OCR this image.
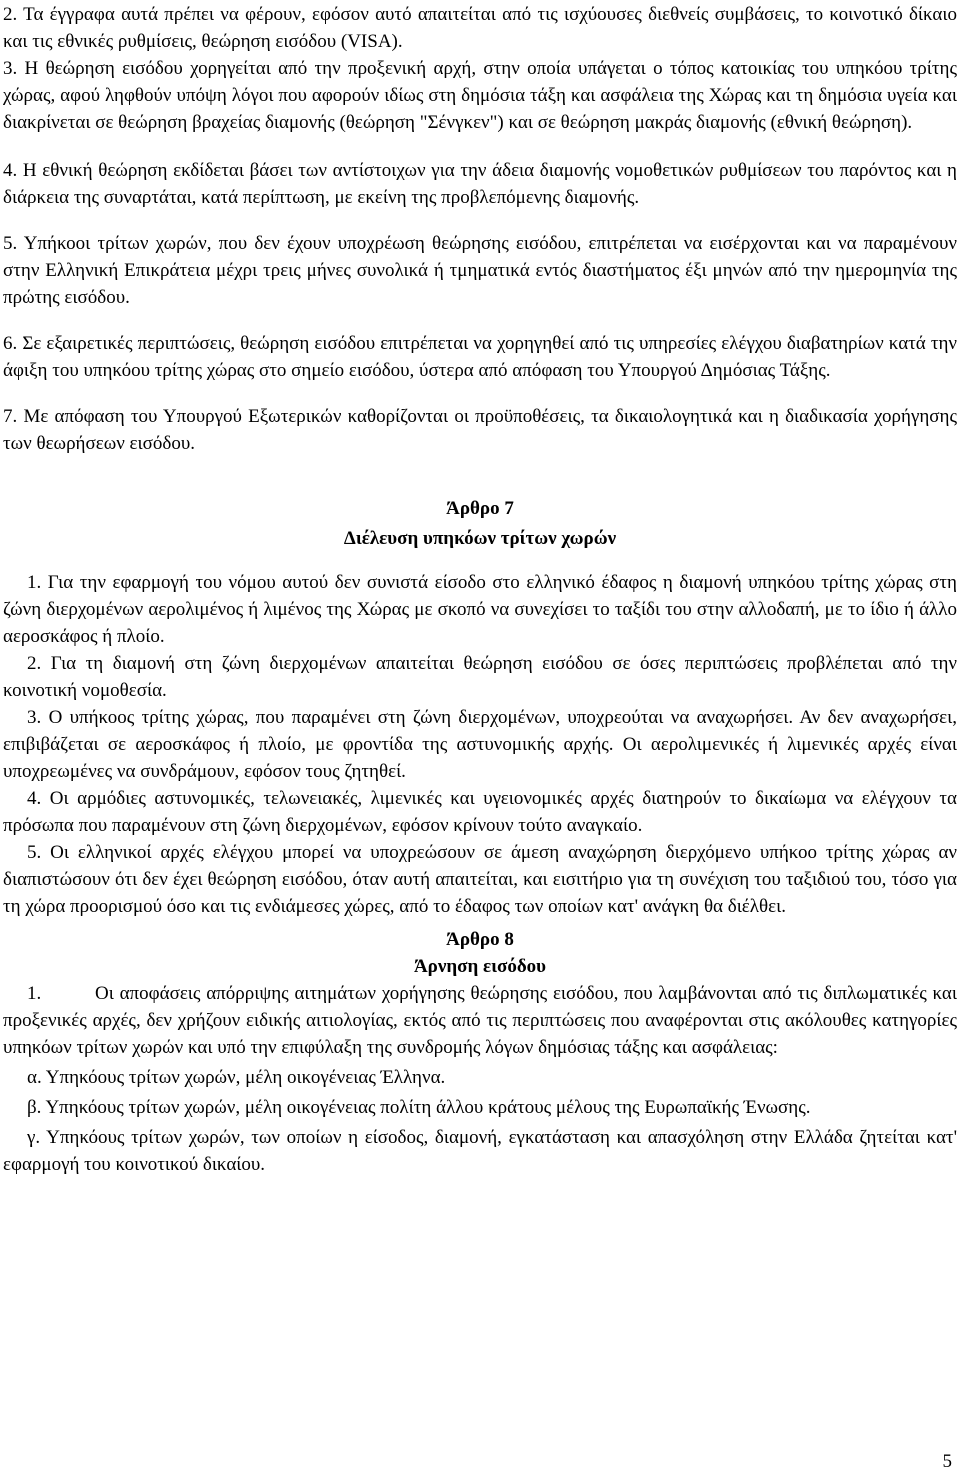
2. Τα έγγραφα αυτά πρέπει να φέρουν, εφόσον αυτό απαιτείται από τις ισχύουσες διεθνείς συμβάσεις, το κοινοτικό δίκαιο και τις εθνικές ρυθμίσεις, θεώρηση εισόδου (VISA).

3. Η θεώρηση εισόδου χορηγείται από την προξενική αρχή, στην οποία υπάγεται ο τόπος κατοικίας του υπηκόου τρίτης χώρας, αφού ληφθούν υπόψη λόγοι που αφορούν ιδίως στη δημόσια τάξη και ασφάλεια της Χώρας και τη δημόσια υγεία και διακρίνεται σε θεώρηση βραχείας διαμονής (θεώρηση "Σένγκεν") και σε θεώρηση μακράς διαμονής (εθνική θεώρηση).

4. Η εθνική θεώρηση εκδίδεται βάσει των αντίστοιχων για την άδεια διαμονής νομοθετικών ρυθμίσεων του παρόντος και η διάρκεια της συναρτάται, κατά περίπτωση, με εκείνη της προβλεπόμενης διαμονής.

5. Υπήκοοι τρίτων χωρών, που δεν έχουν υποχρέωση θεώρησης εισόδου, επιτρέπεται να εισέρχονται και να παραμένουν στην Ελληνική Επικράτεια μέχρι τρεις μήνες συνολικά ή τμηματικά εντός διαστήματος έξι μηνών από την ημερομηνία της πρώτης εισόδου.

6. Σε εξαιρετικές περιπτώσεις, θεώρηση εισόδου επιτρέπεται να χορηγηθεί από τις υπηρεσίες ελέγχου διαβατηρίων κατά την άφιξη του υπηκόου τρίτης χώρας στο σημείο εισόδου, ύστερα από απόφαση του Υπουργού Δημόσιας Τάξης.

7. Με απόφαση του Υπουργού Εξωτερικών καθορίζονται οι προϋποθέσεις, τα δικαιολογητικά και η διαδικασία χορήγησης των θεωρήσεων εισόδου.

Άρθρο 7

Διέλευση υπηκόων τρίτων χωρών

1. Για την εφαρμογή του νόμου αυτού δεν συνιστά είσοδο στο ελληνικό έδαφος η διαμονή υπηκόου τρίτης χώρας στη ζώνη διερχομένων αερολιμένος ή λιμένος της Χώρας με σκοπό να συνεχίσει το ταξίδι του στην αλλοδαπή, με το ίδιο ή άλλο αεροσκάφος ή πλοίο.

2. Για τη διαμονή στη ζώνη διερχομένων απαιτείται θεώρηση εισόδου σε όσες περιπτώσεις προβλέπεται από την κοινοτική νομοθεσία.

3. Ο υπήκοος τρίτης χώρας, που παραμένει στη ζώνη διερχομένων, υποχρεούται να αναχωρήσει. Αν δεν αναχωρήσει, επιβιβάζεται σε αεροσκάφος ή πλοίο, με φροντίδα της αστυνομικής αρχής. Οι αερολιμενικές ή λιμενικές αρχές είναι υποχρεωμένες να συνδράμουν, εφόσον τους ζητηθεί.

4. Οι αρμόδιες αστυνομικές, τελωνειακές, λιμενικές και υγειονομικές αρχές διατηρούν το δικαίωμα να ελέγχουν τα πρόσωπα που παραμένουν στη ζώνη διερχομένων, εφόσον κρίνουν τούτο αναγκαίο.

5. Οι ελληνικοί αρχές ελέγχου μπορεί να υποχρεώσουν σε άμεση αναχώρηση διερχόμενο υπήκοο τρίτης χώρας αν διαπιστώσουν ότι δεν έχει θεώρηση εισόδου, όταν αυτή απαιτείται, και εισιτήριο για τη συνέχιση του ταξιδιού του, τόσο για τη χώρα προορισμού όσο και τις ενδιάμεσες χώρες, από το έδαφος των οποίων κατ' ανάγκη θα διέλθει.

Άρθρο 8

Άρνηση εισόδου

1.	Οι αποφάσεις απόρριψης αιτημάτων χορήγησης θεώρησης εισόδου, που λαμβάνονται από τις διπλωματικές και προξενικές αρχές, δεν χρήζουν ειδικής αιτιολογίας, εκτός από τις περιπτώσεις που αναφέρονται στις ακόλουθες κατηγορίες υπηκόων τρίτων χωρών και υπό την επιφύλαξη της συνδρομής λόγων δημόσιας τάξης και ασφάλειας:

α. Υπηκόους τρίτων χωρών, μέλη οικογένειας Έλληνα.

β. Υπηκόους τρίτων χωρών, μέλη οικογένειας πολίτη άλλου κράτους μέλους της Ευρωπαϊκής Ένωσης.

γ. Υπηκόους τρίτων χωρών, των οποίων η είσοδος, διαμονή, εγκατάσταση και απασχόληση στην Ελλάδα ζητείται κατ' εφαρμογή του κοινοτικού δικαίου.

5
